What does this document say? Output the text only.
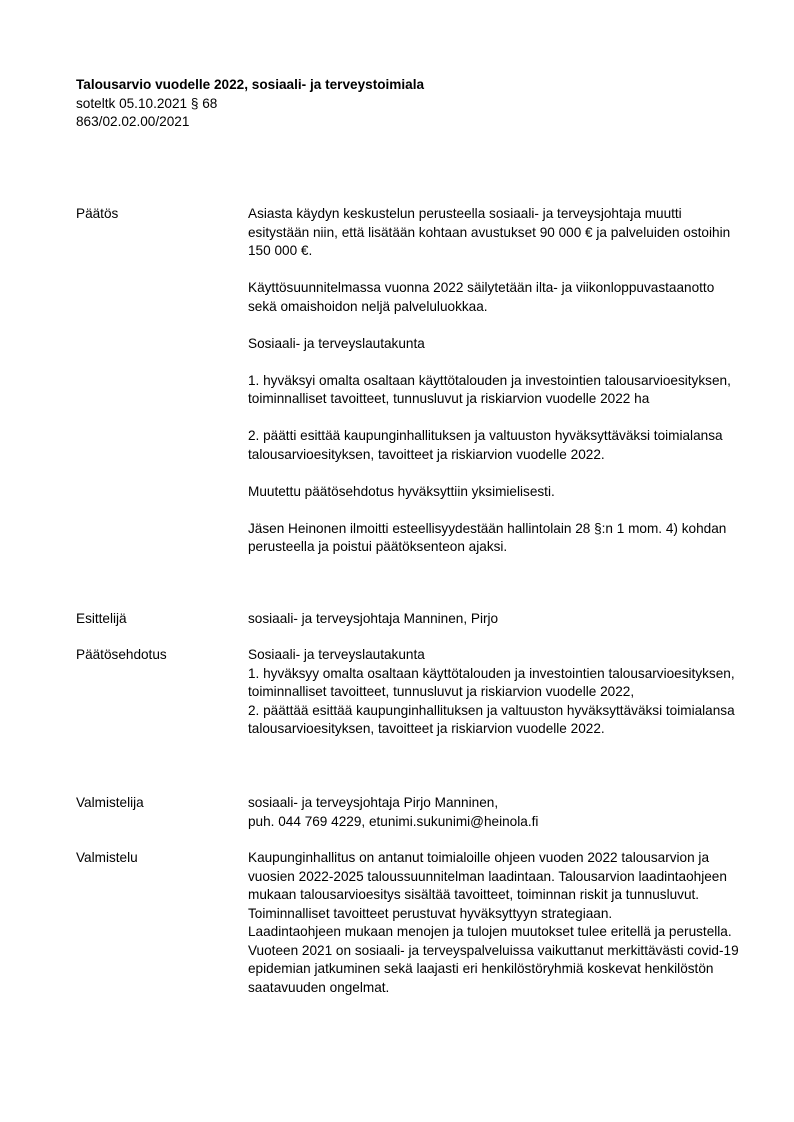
Talousarvio vuodelle 2022, sosiaali- ja terveystoimiala
soteltk 05.10.2021 § 68
863/02.02.00/2021
Päätös	Asiasta käydyn keskustelun perusteella sosiaali- ja terveysjohtaja muutti esitystään niin, että lisätään kohtaan avustukset 90 000 € ja palveluiden ostoihin 150 000 €.

Käyttösuunnitelmassa vuonna 2022 säilytetään ilta- ja viikonloppuvastaanotto sekä omaishoidon neljä palveluluokkaa.

Sosiaali- ja terveyslautakunta

1. hyväksyi omalta osaltaan käyttötalouden ja investointien talousarvioesityksen, toiminnalliset tavoitteet, tunnusluvut ja riskiarvion vuodelle 2022 ha

2. päätti esittää kaupunginhallituksen ja valtuuston hyväksyttäväksi toimialansa talousarvioesityksen, tavoitteet ja riskiarvion vuodelle 2022.

Muutettu päätösehdotus hyväksyttiin yksimielisesti.

Jäsen Heinonen ilmoitti esteellisyydestään hallintolain 28 §:n 1 mom. 4) kohdan perusteella ja poistui päätöksenteon ajaksi.

Esittelijä	sosiaali- ja terveysjohtaja Manninen, Pirjo

Päätösehdotus	Sosiaali- ja terveyslautakunta

1. hyväksyy omalta osaltaan käyttötalouden ja investointien talousarvioesityksen, toiminnalliset tavoitteet, tunnusluvut ja riskiarvion vuodelle 2022,

2. päättää esittää kaupunginhallituksen ja valtuuston hyväksyttäväksi toimialansa talousarvioesityksen, tavoitteet ja riskiarvion vuodelle 2022.

Valmistelija	sosiaali- ja terveysjohtaja Pirjo Manninen,

puh. 044 769 4229, etunimi.sukunimi@heinola.fi

Valmistelu	Kaupunginhallitus on antanut toimialoille ohjeen vuoden 2022 talousarvion ja vuosien 2022-2025 taloussuunnitelman laadintaan. Talousarvion laadintaohjeen mukaan talousarvioesitys sisältää tavoitteet, toiminnan riskit ja tunnusluvut. Toiminnalliset tavoitteet perustuvat hyväksyttyyn strategiaan.

Laadintaohjeen mukaan menojen ja tulojen muutokset tulee eritellä ja perustella.

Vuoteen 2021 on sosiaali- ja terveyspalveluissa vaikuttanut merkittävästi covid-19 epidemian jatkuminen sekä laajasti eri henkilöstöryhmiä koskevat henkilöstön saatavuuden ongelmat.
